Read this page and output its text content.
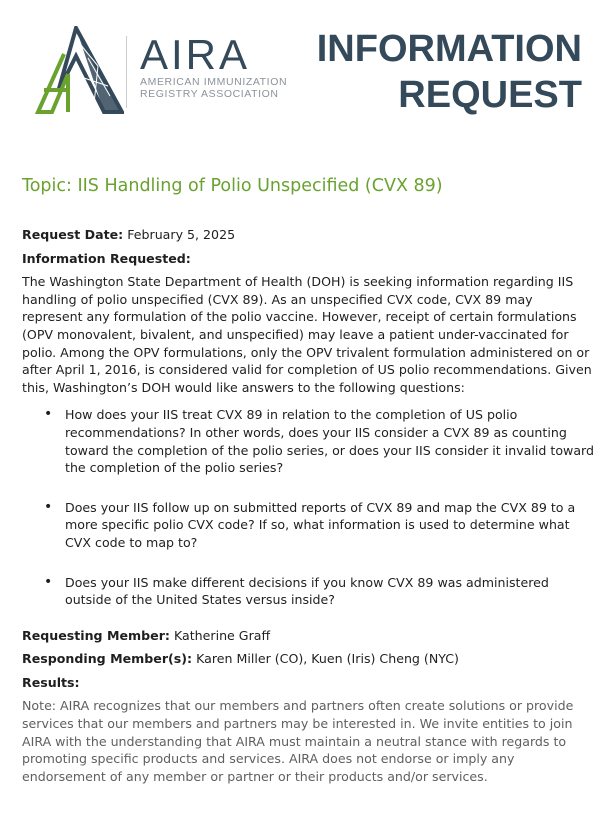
AIRA
AMERICAN IMMUNIZATION
REGISTRY ASSOCIATION
INFORMATION
REQUEST
Topic: IIS Handling of Polio Unspecified (CVX 89)
Request Date: February 5, 2025
Information Requested:

The Washington State Department of Health (DOH) is seeking information regarding IIS handling of polio unspecified (CVX 89). As an unspecified CVX code, CVX 89 may represent any formulation of the polio vaccine. However, receipt of certain formulations (OPV monovalent, bivalent, and unspecified) may leave a patient under-vaccinated for polio. Among the OPV formulations, only the OPV trivalent formulation administered on or after April 1, 2016, is considered valid for completion of US polio recommendations. Given this, Washington’s DOH would like answers to the following questions:

• How does your IIS treat CVX 89 in relation to the completion of US polio recommendations? In other words, does your IIS consider a CVX 89 as counting toward the completion of the polio series, or does your IIS consider it invalid toward the completion of the polio series?
• Does your IIS follow up on submitted reports of CVX 89 and map the CVX 89 to a more specific polio CVX code? If so, what information is used to determine what CVX code to map to?
• Does your IIS make different decisions if you know CVX 89 was administered outside of the United States versus inside?
Requesting Member: Katherine Graff
Responding Member(s): Karen Miller (CO), Kuen (Iris) Cheng (NYC)
Results:

Note: AIRA recognizes that our members and partners often create solutions or provide services that our members and partners may be interested in. We invite entities to join AIRA with the understanding that AIRA must maintain a neutral stance with regards to promoting specific products and services. AIRA does not endorse or imply any endorsement of any member or partner or their products and/or services.
